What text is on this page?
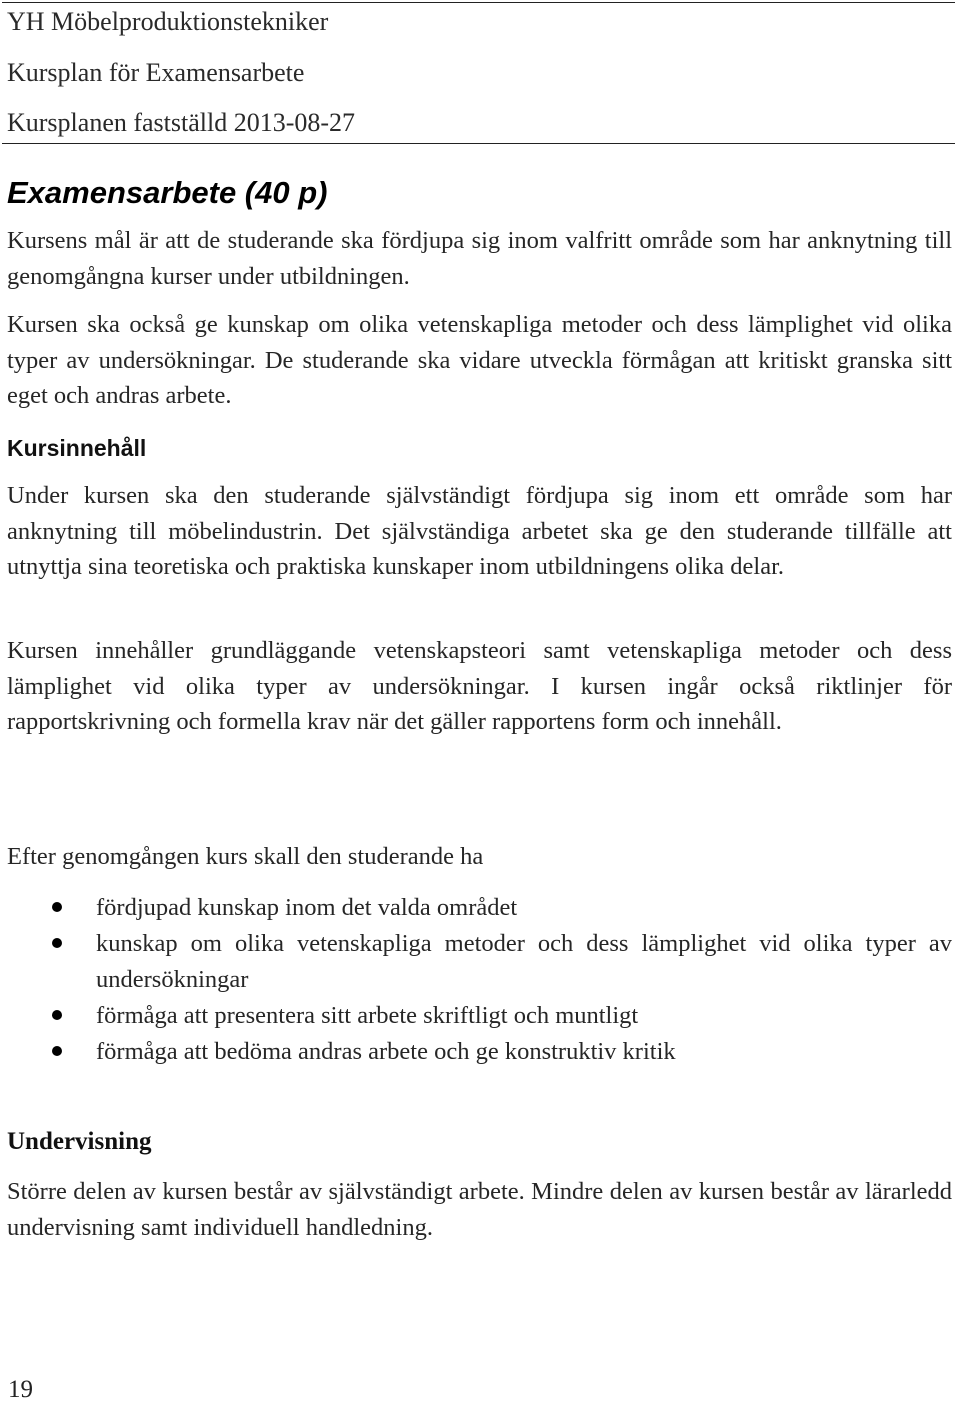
YH Möbelproduktionstekniker
Kursplan för Examensarbete
Kursplanen fastställd 2013-08-27
Examensarbete (40 p)

Kursens mål är att de studerande ska fördjupa sig inom valfritt område som har anknytning till genomgångna kurser under utbildningen.

Kursen ska också ge kunskap om olika vetenskapliga metoder och dess lämplighet vid olika typer av undersökningar. De studerande ska vidare utveckla förmågan att kritiskt granska sitt eget och andras arbete.

Kursinnehåll

Under kursen ska den studerande självständigt fördjupa sig inom ett område som har anknytning till möbelindustrin. Det självständiga arbetet ska ge den studerande tillfälle att utnyttja sina teoretiska och praktiska kunskaper inom utbildningens olika delar.

Kursen innehåller grundläggande vetenskapsteori samt vetenskapliga metoder och dess lämplighet vid olika typer av undersökningar. I kursen ingår också riktlinjer för rapportskrivning och formella krav när det gäller rapportens form och innehåll.

Efter genomgången kurs skall den studerande ha

fördjupad kunskap inom det valda området
kunskap om olika vetenskapliga metoder och dess lämplighet vid olika typer av undersökningar
förmåga att presentera sitt arbete skriftligt och muntligt
förmåga att bedöma andras arbete och ge konstruktiv kritik
Undervisning

Större delen av kursen består av självständigt arbete. Mindre delen av kursen består av lärarledd undervisning samt individuell handledning.

19
